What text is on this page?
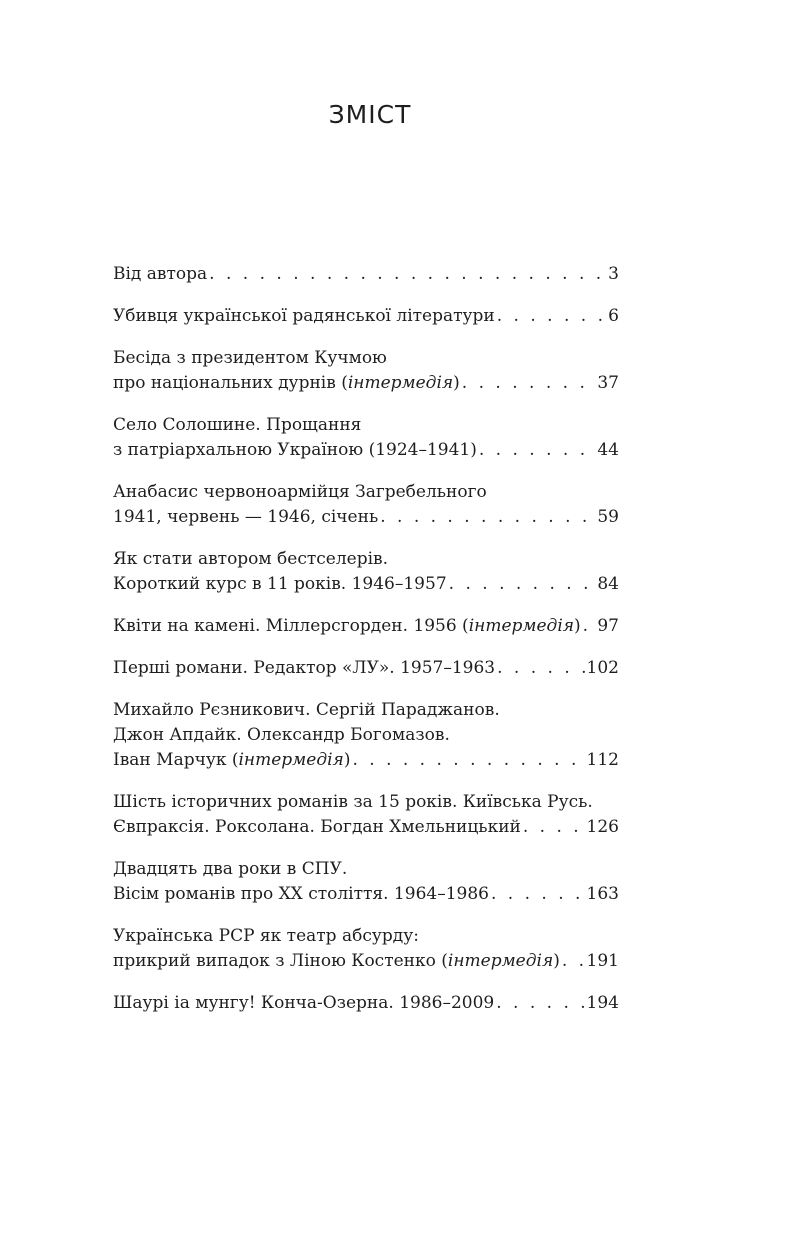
ЗМІСТ
Від автора . . .	3
Убивця української радянської літератури . . .	6
Бесіда з президентом Кучмою
про національних дурнів (інтермедія) . . .	37
Село Солошине. Прощання
з патріархальною Україною (1924–1941) . . .	44
Анабасис червоноармійця Загребельного
1941, червень — 1946, січень . . .	59
Як стати автором бестселерів.
Короткий курс в 11 років. 1946–1957 . . .	84
Квіти на камені. Міллерсгорден. 1956 (інтермедія) . . . 97
Перші романи. Редактор «ЛУ». 1957–1963 . . .	102
Михайло Рєзникович. Сергій Параджанов.
Джон Апдайк. Олександр Богомазов.
Іван Марчук (інтермедія) . . .	112
Шість історичних романів за 15 років. Київська Русь.
Євпраксія. Роксолана. Богдан Хмельницький . . .	126
Двадцять два роки в СПУ.
Вісім романів про XX століття. 1964–1986 . . .	163
Українська РСР як театр абсурду:
прикрий випадок з Ліною Костенко (інтермедія) . . . 191
Шаурі іа мунгу! Конча-Озерна. 1986–2009 . . .	194
